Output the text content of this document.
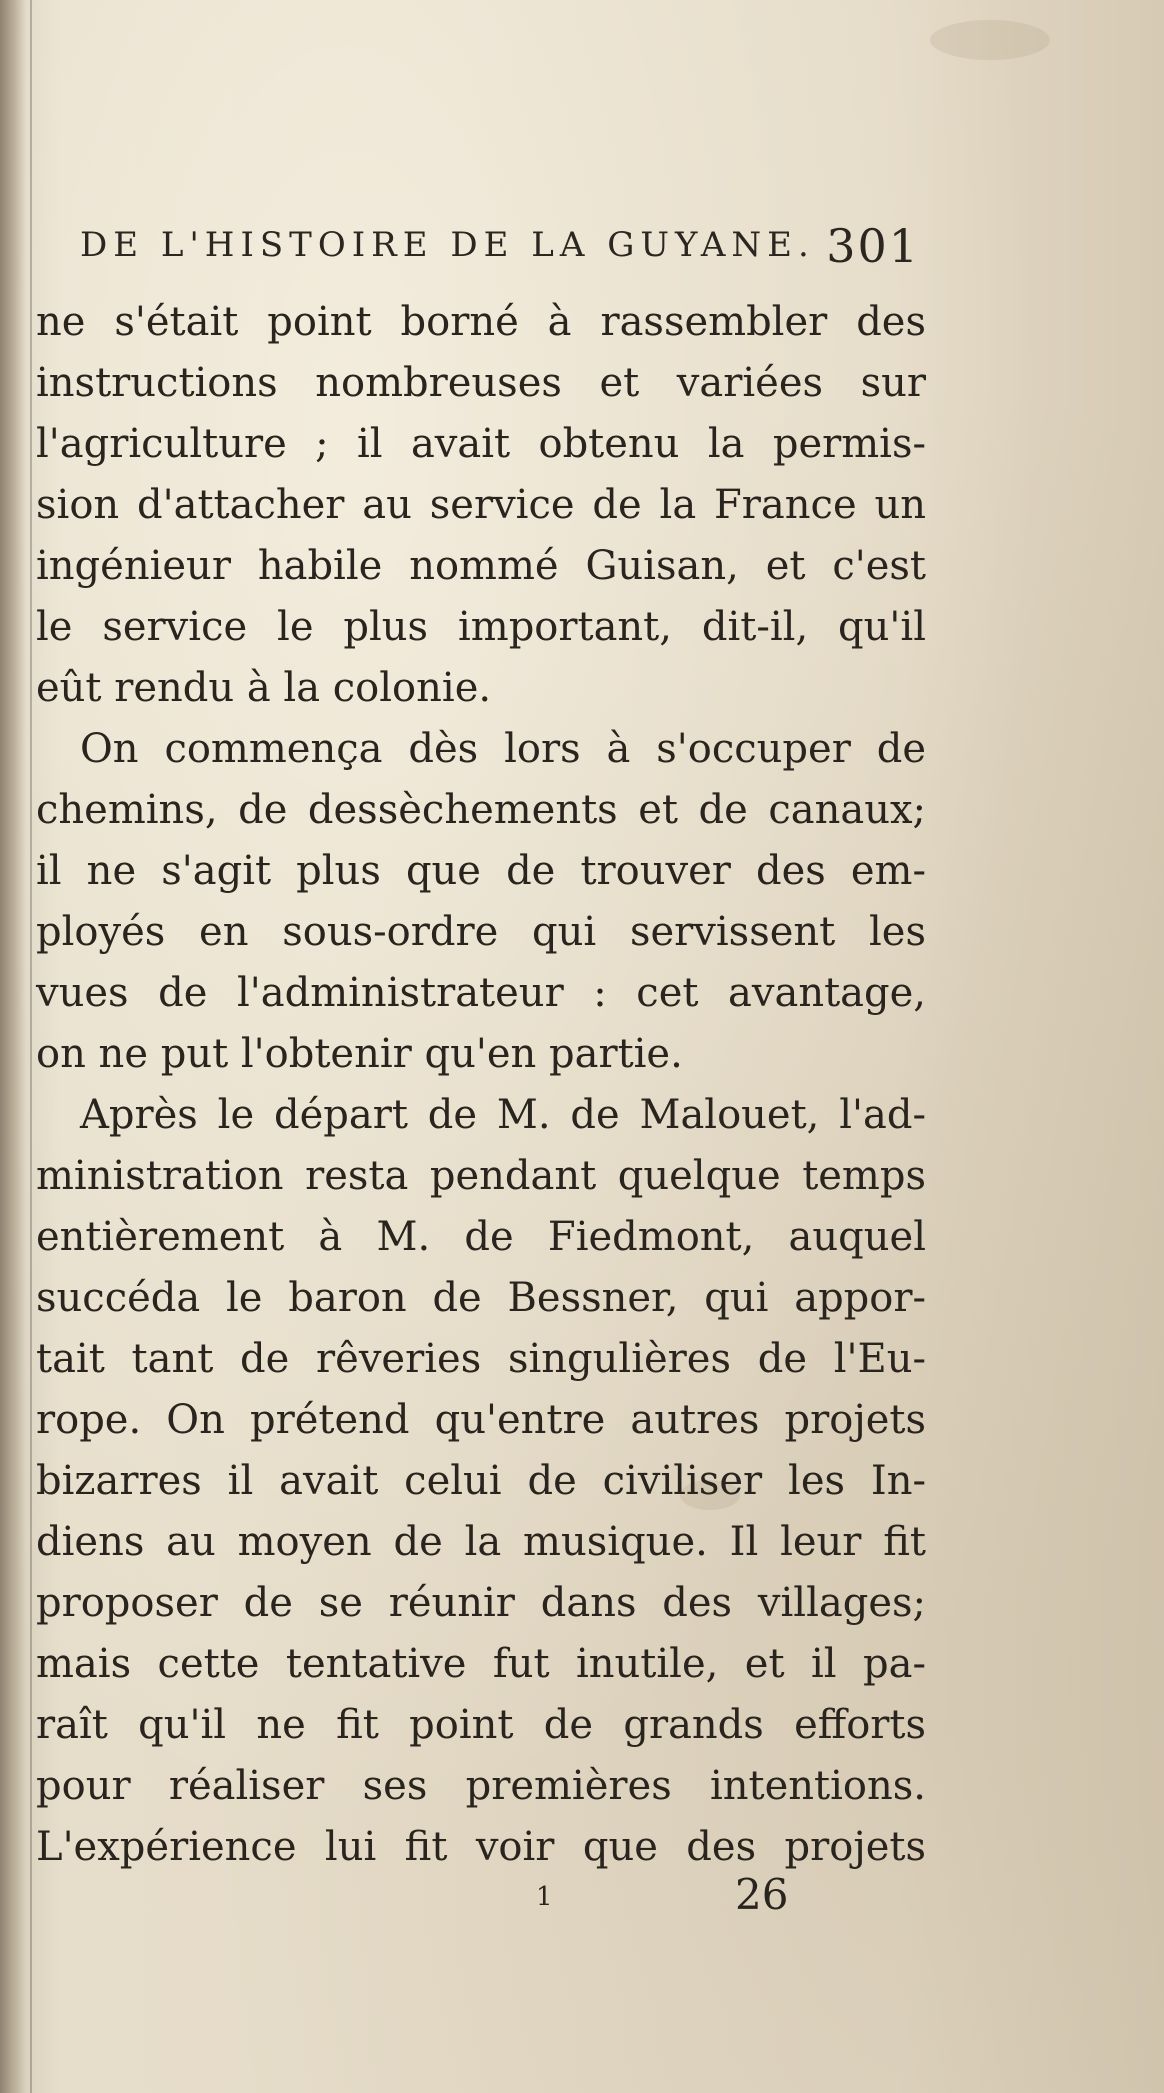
DE L'HISTOIRE DE LA GUYANE. 301
ne s'était point borné à rassembler des
instructions nombreuses et variées sur
l'agriculture ; il avait obtenu la permis-
sion d'attacher au service de la France un
ingénieur habile nommé Guisan, et c'est
le service le plus important, dit-il, qu'il
eût rendu à la colonie.
On commença dès lors à s'occuper de
chemins, de dessèchements et de canaux;
il ne s'agit plus que de trouver des em-
ployés en sous-ordre qui servissent les
vues de l'administrateur : cet avantage,
on ne put l'obtenir qu'en partie.
Après le départ de M. de Malouet, l'ad-
ministration resta pendant quelque temps
entièrement à M. de Fiedmont, auquel
succéda le baron de Bessner, qui appor-
tait tant de rêveries singulières de l'Eu-
rope. On prétend qu'entre autres projets
bizarres il avait celui de civiliser les In-
diens au moyen de la musique. Il leur fit
proposer de se réunir dans des villages;
mais cette tentative fut inutile, et il pa-
raît qu'il ne fit point de grands efforts
pour réaliser ses premières intentions.
L'expérience lui fit voir que des projets
1	26
